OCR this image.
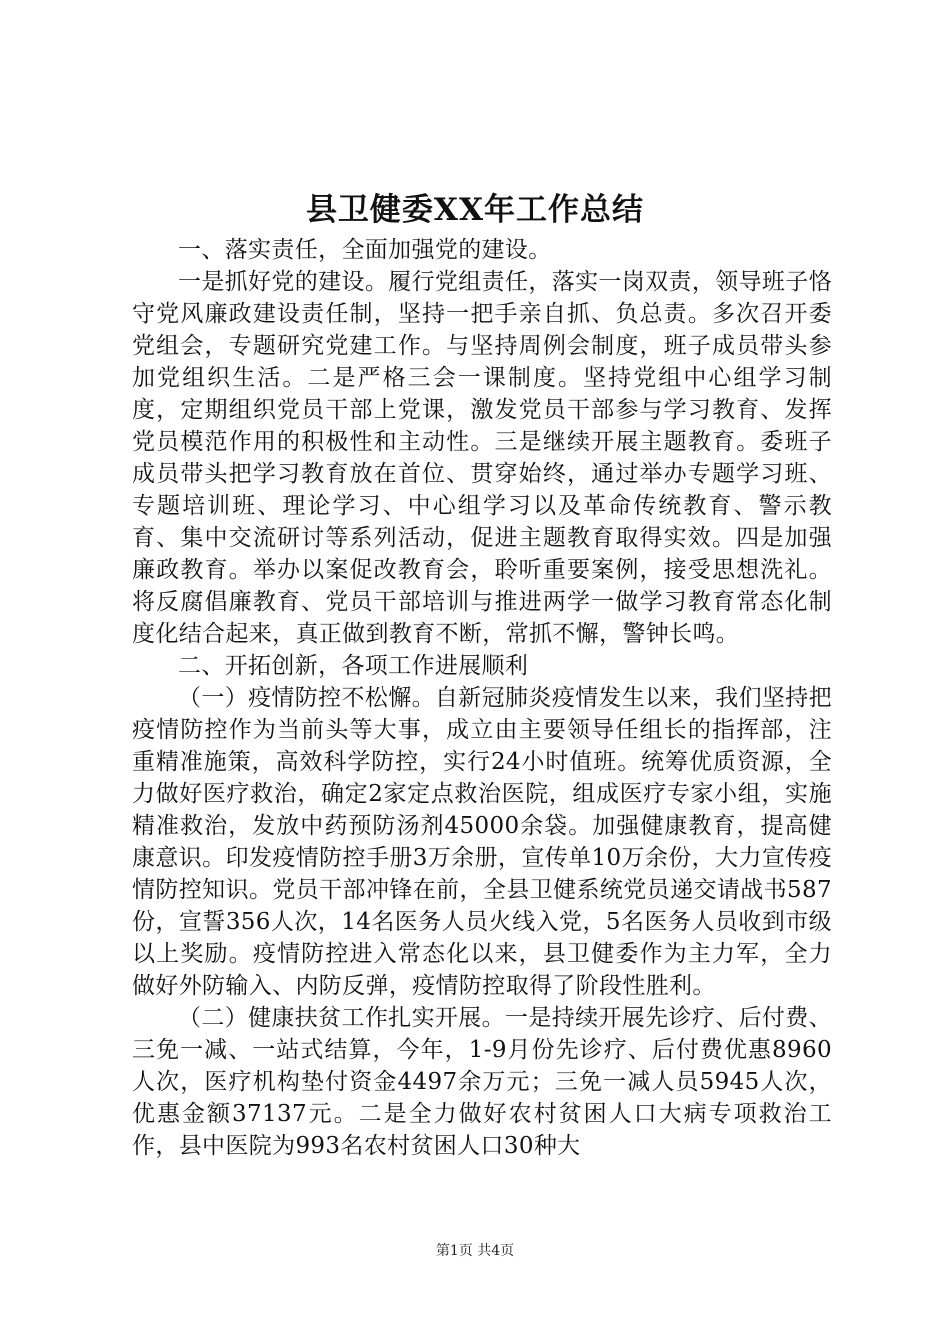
县卫健委XX年工作总结

一、落实责任，全面加强党的建设。

一是抓好党的建设。履行党组责任，落实一岗双责，领导班子恪守党风廉政建设责任制，坚持一把手亲自抓、负总责。多次召开委党组会，专题研究党建工作。与坚持周例会制度，班子成员带头参加党组织生活。二是严格三会一课制度。坚持党组中心组学习制度，定期组织党员干部上党课，激发党员干部参与学习教育、发挥党员模范作用的积极性和主动性。三是继续开展主题教育。委班子成员带头把学习教育放在首位、贯穿始终，通过举办专题学习班、专题培训班、理论学习、中心组学习以及革命传统教育、警示教育、集中交流研讨等系列活动，促进主题教育取得实效。四是加强廉政教育。举办以案促改教育会，聆听重要案例，接受思想洗礼。将反腐倡廉教育、党员干部培训与推进两学一做学习教育常态化制度化结合起来，真正做到教育不断，常抓不懈，警钟长鸣。

二、开拓创新，各项工作进展顺利

（一）疫情防控不松懈。自新冠肺炎疫情发生以来，我们坚持把疫情防控作为当前头等大事，成立由主要领导任组长的指挥部，注重精准施策，高效科学防控，实行24小时值班。统筹优质资源，全力做好医疗救治，确定2家定点救治医院，组成医疗专家小组，实施精准救治，发放中药预防汤剂45000余袋。加强健康教育，提高健康意识。印发疫情防控手册3万余册，宣传单10万余份，大力宣传疫情防控知识。党员干部冲锋在前，全县卫健系统党员递交请战书587份，宣誓356人次，14名医务人员火线入党，5名医务人员收到市级以上奖励。疫情防控进入常态化以来，县卫健委作为主力军，全力做好外防输入、内防反弹，疫情防控取得了阶段性胜利。

（二）健康扶贫工作扎实开展。一是持续开展先诊疗、后付费、三免一减、一站式结算，今年，1-9月份先诊疗、后付费优惠8960人次，医疗机构垫付资金4497余万元；三免一减人员5945人次，优惠金额37137元。二是全力做好农村贫困人口大病专项救治工作，县中医院为993名农村贫困人口30种大

第1页 共4页
